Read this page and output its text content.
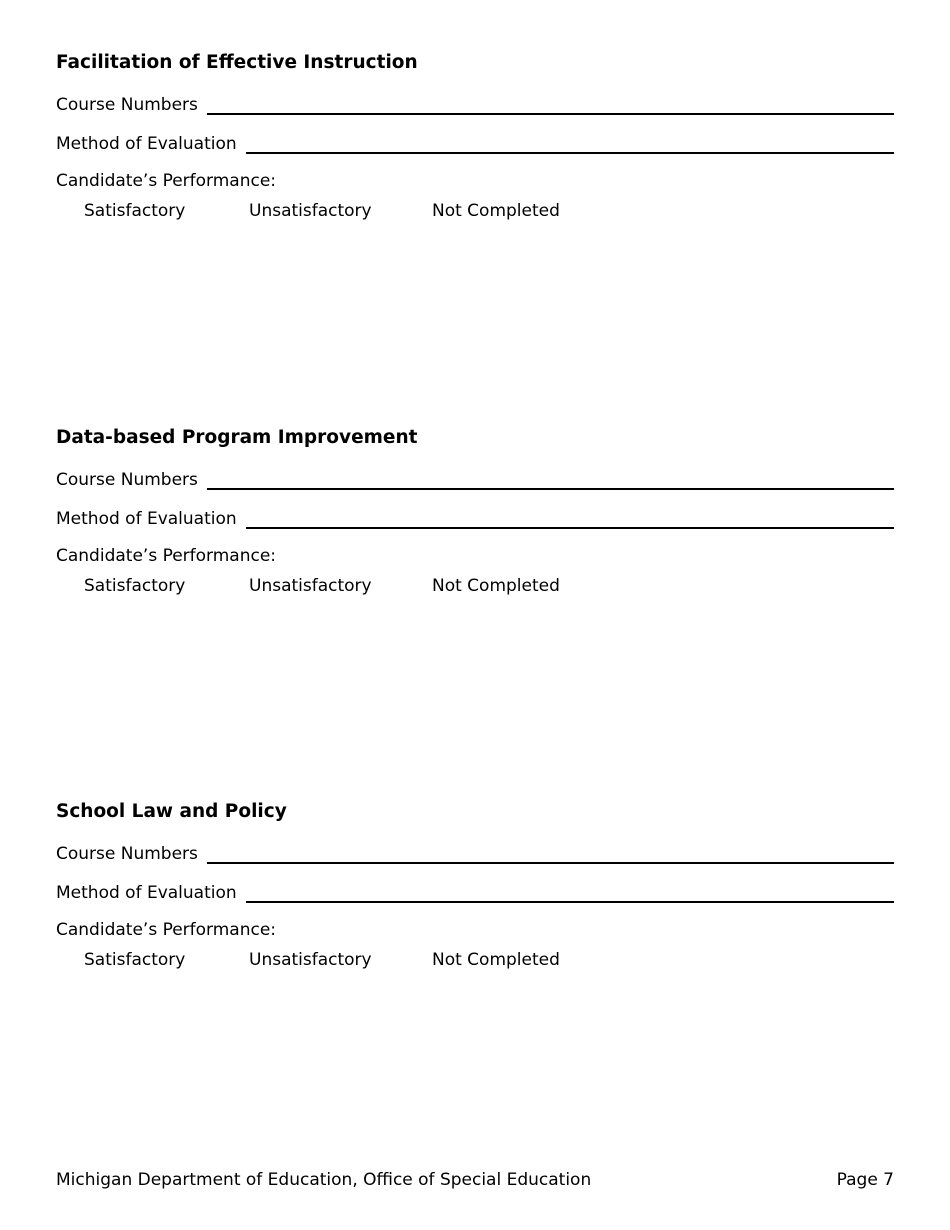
Facilitation of Effective Instruction
Course Numbers
Method of Evaluation
Candidate’s Performance:
Satisfactory	Unsatisfactory	Not Completed
Data-based Program Improvement
Course Numbers
Method of Evaluation
Candidate’s Performance:
Satisfactory	Unsatisfactory	Not Completed
School Law and Policy
Course Numbers
Method of Evaluation
Candidate’s Performance:
Satisfactory	Unsatisfactory	Not Completed
Michigan Department of Education, Office of Special Education	Page 7
